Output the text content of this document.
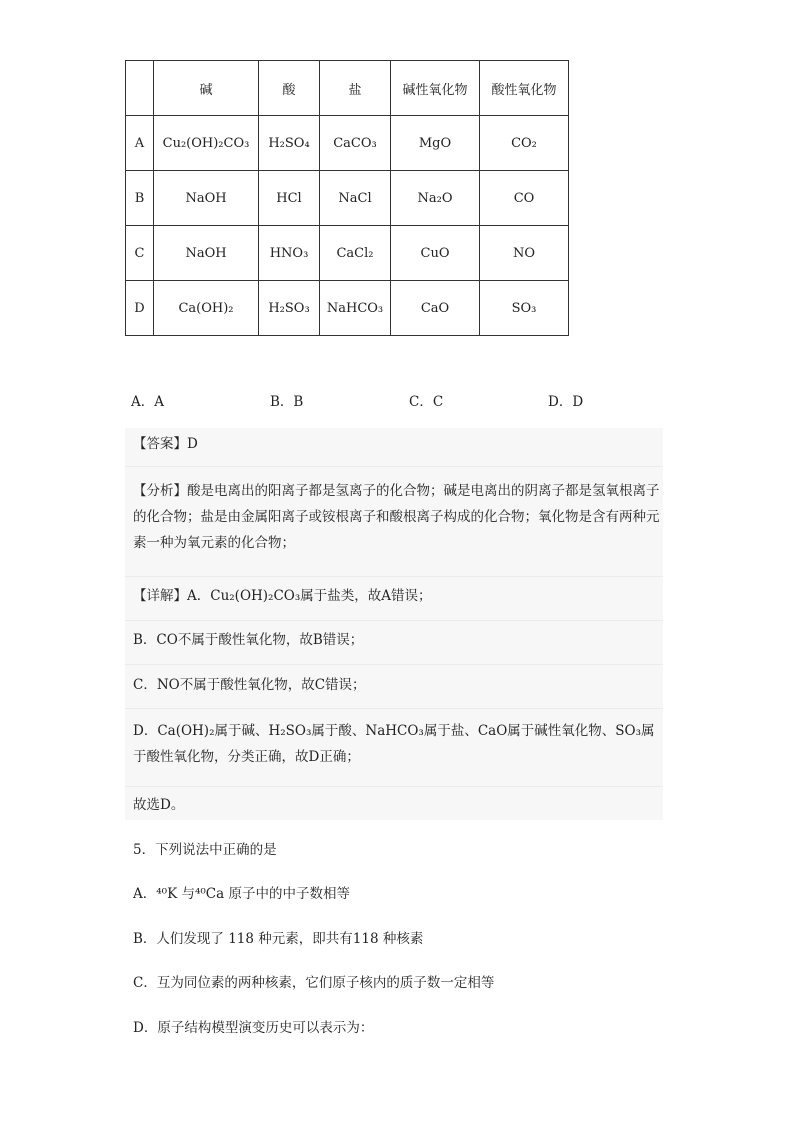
	碱	酸	盐	碱性氧化物	酸性氧化物
A	Cu₂(OH)₂CO₃	H₂SO₄	CaCO₃	MgO	CO₂
B	NaOH	HCl	NaCl	Na₂O	CO
C	NaOH	HNO₃	CaCl₂	CuO	NO
D	Ca(OH)₂	H₂SO₃	NaHCO₃	CaO	SO₃
A．A	B．B	C．C	D．D
【答案】D
【分析】酸是电离出的阳离子都是氢离子的化合物；碱是电离出的阴离子都是氢氧根离子的化合物；盐是由金属阳离子或铵根离子和酸根离子构成的化合物；氧化物是含有两种元素一种为氧元素的化合物；
【详解】A．Cu₂(OH)₂CO₃属于盐类，故A错误；
B．CO不属于酸性氧化物，故B错误；
C．NO不属于酸性氧化物，故C错误；
D．Ca(OH)₂属于碱、H₂SO₃属于酸、NaHCO₃属于盐、CaO属于碱性氧化物、SO₃属于酸性氧化物，分类正确，故D正确；
故选D。
5．下列说法中正确的是
A．⁴⁰K 与⁴⁰Ca 原子中的中子数相等
B．人们发现了 118 种元素，即共有118 种核素
C．互为同位素的两种核素，它们原子核内的质子数一定相等
D．原子结构模型演变历史可以表示为：
